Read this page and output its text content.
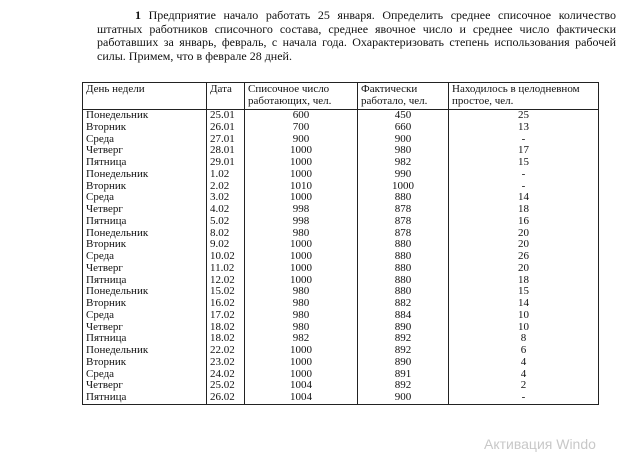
1 Предприятие начало работать 25 января. Определить среднее списочное количество штатных работников списочного состава, среднее явочное число и среднее число фактически работавших за январь, февраль, с начала года. Охарактеризовать степень использования рабочей силы. Примем, что в феврале 28 дней.
День недели	Дата	Списочное число работающих, чел.	Фактически работало, чел.	Находилось в целодневном простое, чел.
Понедельник	25.01	600	450	25
Вторник	26.01	700	660	13
Среда	27.01	900	900	-
Четверг	28.01	1000	980	17
Пятница	29.01	1000	982	15
Понедельник	1.02	1000	990	-
Вторник	2.02	1010	1000	-
Среда	3.02	1000	880	14
Четверг	4.02	998	878	18
Пятница	5.02	998	878	16
Понедельник	8.02	980	878	20
Вторник	9.02	1000	880	20
Среда	10.02	1000	880	26
Четверг	11.02	1000	880	20
Пятница	12.02	1000	880	18
Понедельник	15.02	980	880	15
Вторник	16.02	980	882	14
Среда	17.02	980	884	10
Четверг	18.02	980	890	10
Пятница	18.02	982	892	8
Понедельник	22.02	1000	892	6
Вторник	23.02	1000	890	4
Среда	24.02	1000	891	4
Четверг	25.02	1004	892	2
Пятница	26.02	1004	900	-
Активация Windo
